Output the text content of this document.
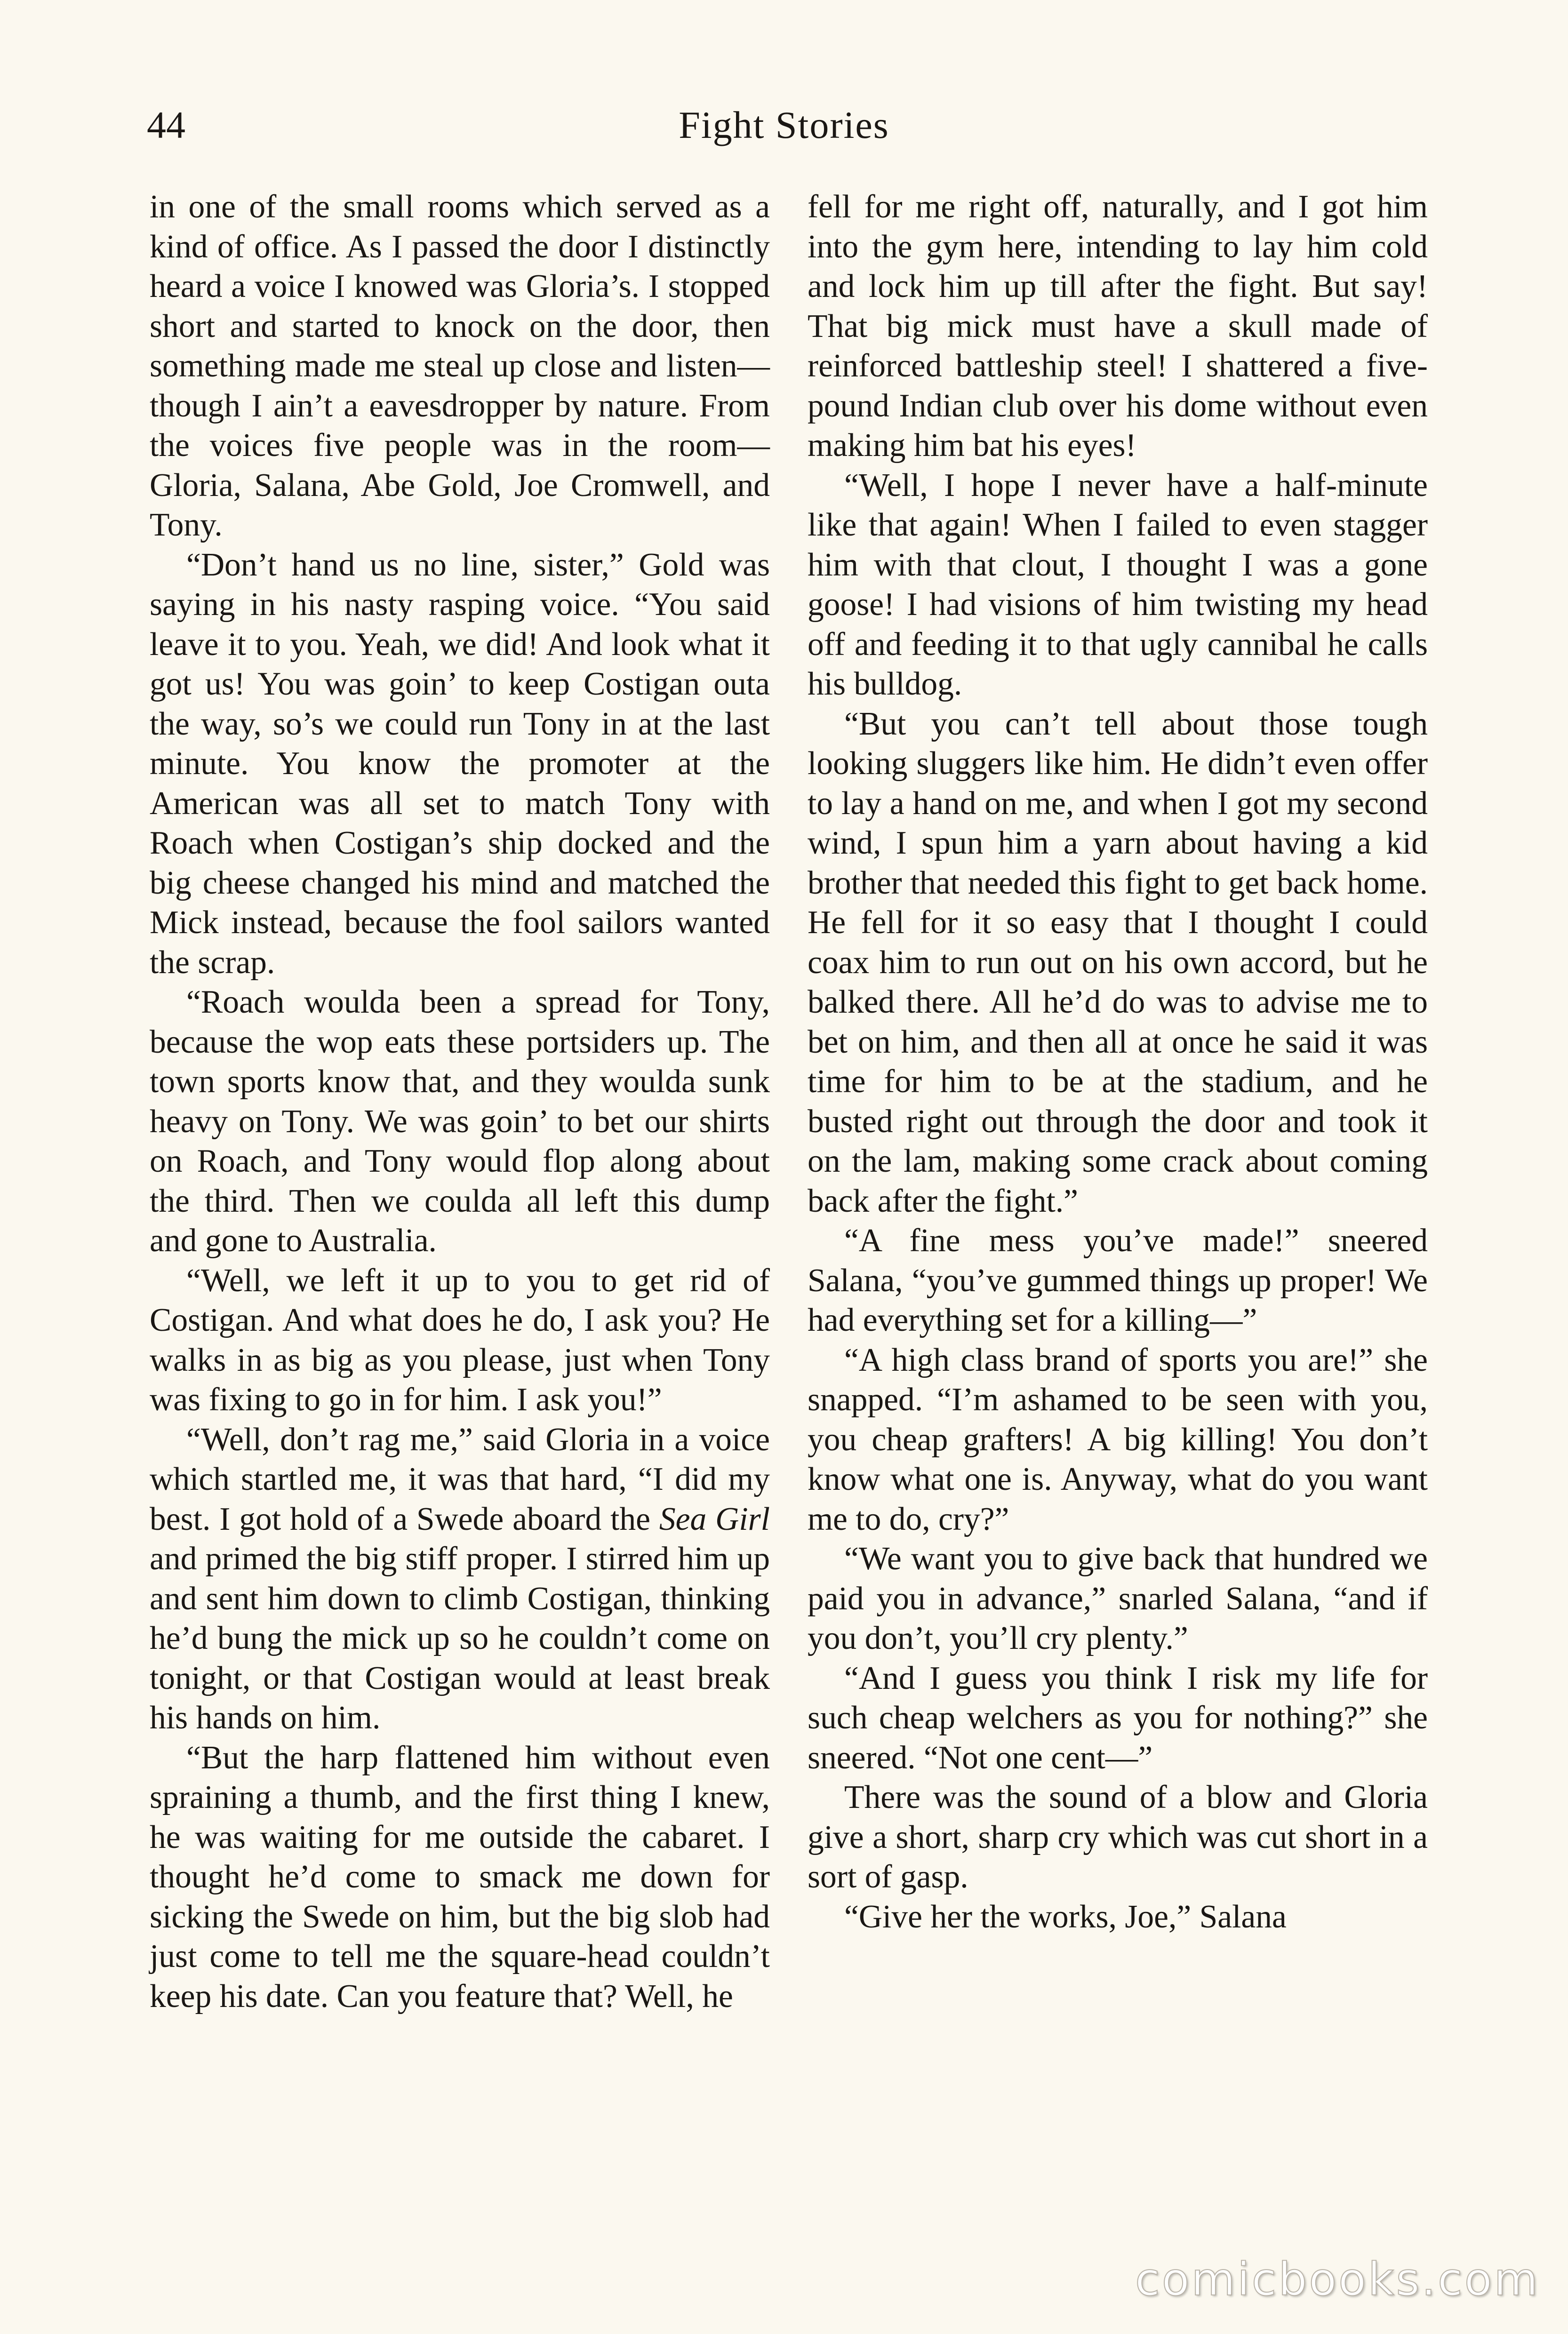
44	Fight Stories

in one of the small rooms which served as a kind of office. As I passed the door I distinctly heard a voice I knowed was Gloria’s. I stopped short and started to knock on the door, then something made me steal up close and listen—though I ain’t a eavesdropper by nature. From the voices five people was in the room—Gloria, Salana, Abe Gold, Joe Cromwell, and Tony.

“Don’t hand us no line, sister,” Gold was saying in his nasty rasping voice. “You said leave it to you. Yeah, we did! And look what it got us! You was goin’ to keep Costigan outa the way, so’s we could run Tony in at the last minute. You know the promoter at the American was all set to match Tony with Roach when Costigan’s ship docked and the big cheese changed his mind and matched the Mick instead, because the fool sailors wanted the scrap.

“Roach woulda been a spread for Tony, because the wop eats these portsiders up. The town sports know that, and they woulda sunk heavy on Tony. We was goin’ to bet our shirts on Roach, and Tony would flop along about the third. Then we coulda all left this dump and gone to Australia.

“Well, we left it up to you to get rid of Costigan. And what does he do, I ask you? He walks in as big as you please, just when Tony was fixing to go in for him. I ask you!”

“Well, don’t rag me,” said Gloria in a voice which startled me, it was that hard, “I did my best. I got hold of a Swede aboard the Sea Girl and primed the big stiff proper. I stirred him up and sent him down to climb Costigan, thinking he’d bung the mick up so he couldn’t come on tonight, or that Costigan would at least break his hands on him.

“But the harp flattened him without even spraining a thumb, and the first thing I knew, he was waiting for me outside the cabaret. I thought he’d come to smack me down for sicking the Swede on him, but the big slob had just come to tell me the square-head couldn’t keep his date. Can you feature that? Well, he

fell for me right off, naturally, and I got him into the gym here, intending to lay him cold and lock him up till after the fight. But say! That big mick must have a skull made of reinforced battleship steel! I shattered a five-pound Indian club over his dome without even making him bat his eyes!

“Well, I hope I never have a half-minute like that again! When I failed to even stagger him with that clout, I thought I was a gone goose! I had visions of him twisting my head off and feeding it to that ugly cannibal he calls his bulldog.

“But you can’t tell about those tough looking sluggers like him. He didn’t even offer to lay a hand on me, and when I got my second wind, I spun him a yarn about having a kid brother that needed this fight to get back home. He fell for it so easy that I thought I could coax him to run out on his own accord, but he balked there. All he’d do was to advise me to bet on him, and then all at once he said it was time for him to be at the stadium, and he busted right out through the door and took it on the lam, making some crack about coming back after the fight.”

“A fine mess you’ve made!” sneered Salana, “you’ve gummed things up proper! We had everything set for a killing—”

“A high class brand of sports you are!” she snapped. “I’m ashamed to be seen with you, you cheap grafters! A big killing! You don’t know what one is. Anyway, what do you want me to do, cry?”

“We want you to give back that hundred we paid you in advance,” snarled Salana, “and if you don’t, you’ll cry plenty.”

“And I guess you think I risk my life for such cheap welchers as you for nothing?” she sneered. “Not one cent—”

There was the sound of a blow and Gloria give a short, sharp cry which was cut short in a sort of gasp.

“Give her the works, Joe,” Salana

comicbooks.com
